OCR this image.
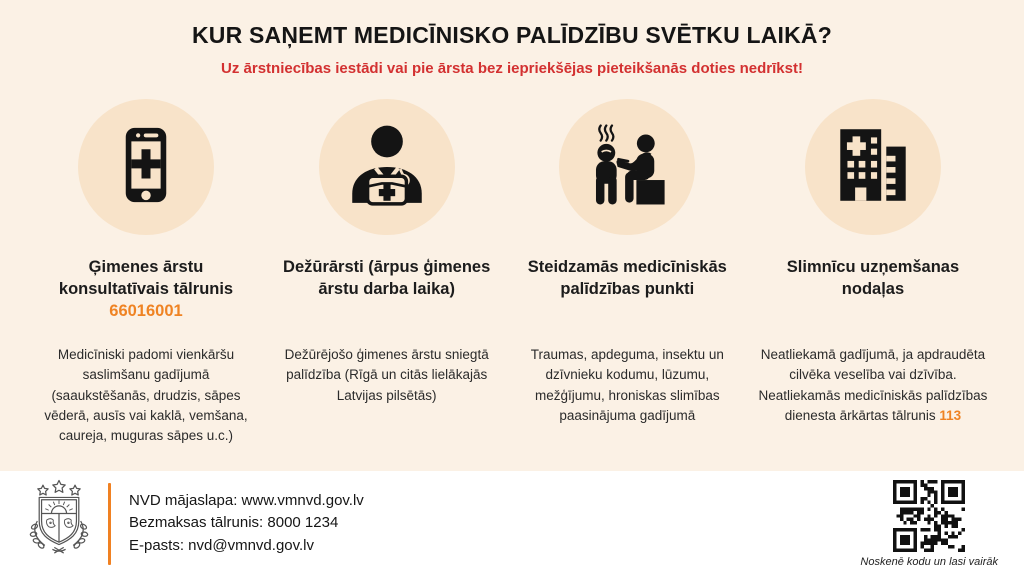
KUR SAŅEMT MEDICĪNISKO PALĪDZĪBU SVĒTKU LAIKĀ?
Uz ārstniecības iestādi vai pie ārsta bez iepriekšējas pieteikšanās doties nedrīkst!
Ģimenes ārstu konsultatīvais tālrunis
66016001
Medicīniski padomi vienkāršu saslimšanu gadījumā (saaukstēšanās, drudzis, sāpes vēderā, ausīs vai kaklā, vemšana, caureja, muguras sāpes u.c.)
Dežūrārsti (ārpus ģimenes ārstu darba laika)
Dežūrējošo ģimenes ārstu sniegtā palīdzība (Rīgā un citās lielākajās Latvijas pilsētās)
Steidzamās medicīniskās palīdzības punkti
Traumas, apdeguma, insektu un dzīvnieku kodumu, lūzumu, mežģījumu, hroniskas slimības paasinājuma gadījumā
Slimnīcu uzņemšanas nodaļas
Neatliekamā gadījumā, ja apdraudēta cilvēka veselība vai dzīvība. Neatliekamās medicīniskās palīdzības dienesta ārkārtas tālrunis 113
NVD mājaslapa: www.vmnvd.gov.lv
Bezmaksas tālrunis: 8000 1234
E-pasts: nvd@vmnvd.gov.lv
Noskenē kodu un lasi vairāk
